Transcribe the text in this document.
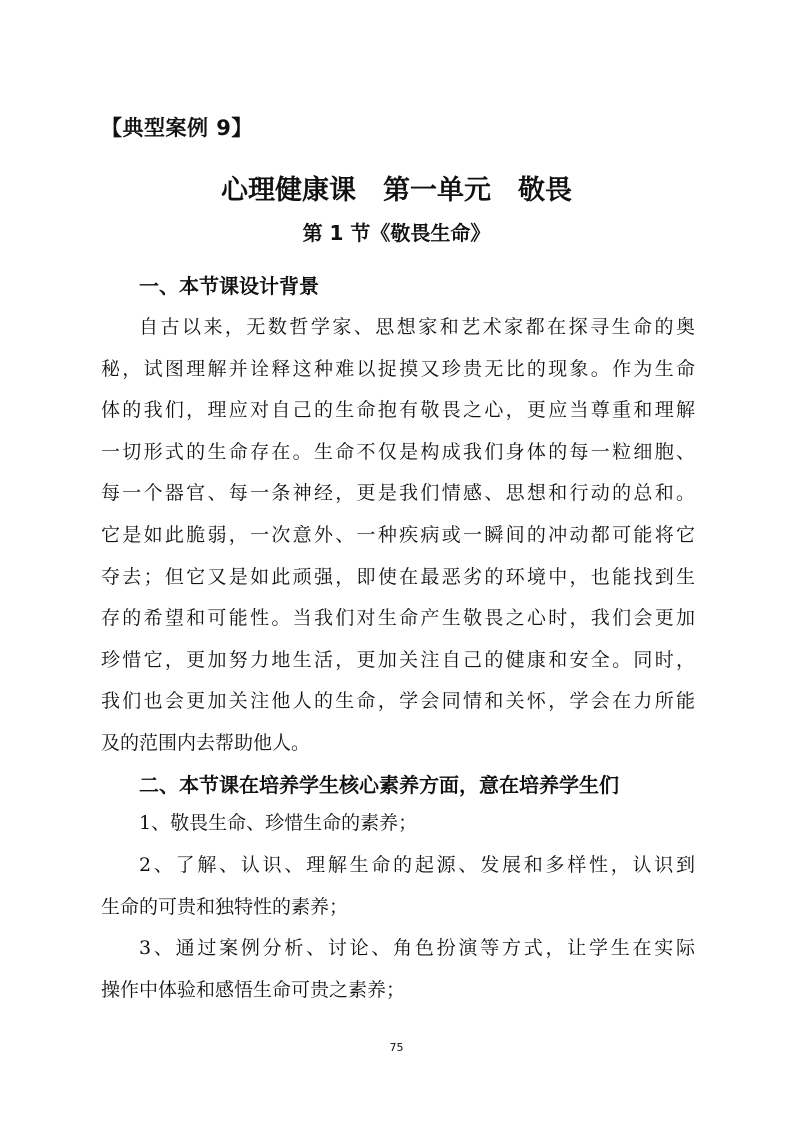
【典型案例 9】
心理健康课　第一单元　敬畏
第 1 节《敬畏生命》
一、本节课设计背景
自古以来，无数哲学家、思想家和艺术家都在探寻生命的奥
秘，试图理解并诠释这种难以捉摸又珍贵无比的现象。作为生命
体的我们，理应对自己的生命抱有敬畏之心，更应当尊重和理解
一切形式的生命存在。生命不仅是构成我们身体的每一粒细胞、
每一个器官、每一条神经，更是我们情感、思想和行动的总和。
它是如此脆弱，一次意外、一种疾病或一瞬间的冲动都可能将它
夺去；但它又是如此顽强，即使在最恶劣的环境中，也能找到生
存的希望和可能性。当我们对生命产生敬畏之心时，我们会更加
珍惜它，更加努力地生活，更加关注自己的健康和安全。同时，
我们也会更加关注他人的生命，学会同情和关怀，学会在力所能
及的范围内去帮助他人。
二、本节课在培养学生核心素养方面，意在培养学生们
1、敬畏生命、珍惜生命的素养；
2、了解、认识、理解生命的起源、发展和多样性，认识到
生命的可贵和独特性的素养；
3、通过案例分析、讨论、角色扮演等方式，让学生在实际
操作中体验和感悟生命可贵之素养；
75
